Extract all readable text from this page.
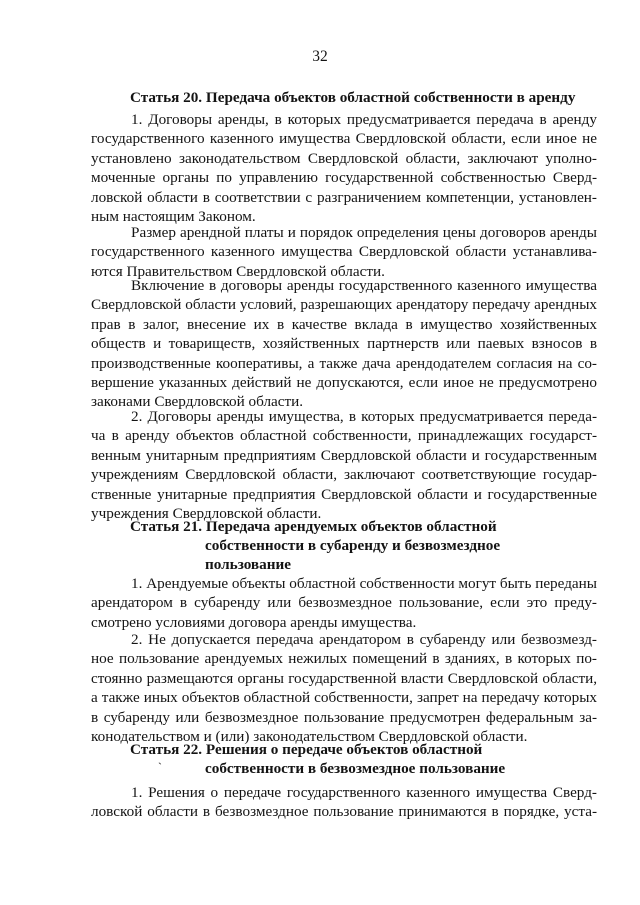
32
Статья 20. Передача объектов областной собственности в аренду
1. Договоры аренды, в которых предусматривается передача в аренду
государственного казенного имущества Свердловской области, если иное не
установлено законодательством Свердловской области, заключают уполно-
моченные органы по управлению государственной собственностью Сверд-
ловской области в соответствии с разграничением компетенции, установлен-
ным настоящим Законом.
Размер арендной платы и порядок определения цены договоров аренды
государственного казенного имущества Свердловской области устанавлива-
ются Правительством Свердловской области.
Включение в договоры аренды государственного казенного имущества
Свердловской области условий, разрешающих арендатору передачу арендных
прав в залог, внесение их в качестве вклада в имущество хозяйственных
обществ и товариществ, хозяйственных партнерств или паевых взносов в
производственные кооперативы, а также дача арендодателем согласия на со-
вершение указанных действий не допускаются, если иное не предусмотрено
законами Свердловской области.
2. Договоры аренды имущества, в которых предусматривается переда-
ча в аренду объектов областной собственности, принадлежащих государст-
венным унитарным предприятиям Свердловской области и государственным
учреждениям Свердловской области, заключают соответствующие государ-
ственные унитарные предприятия Свердловской области и государственные
учреждения Свердловской области.
Статья 21. Передача арендуемых объектов областной
собственности в субаренду и безвозмездное
пользование
1. Арендуемые объекты областной собственности могут быть переданы
арендатором в субаренду или безвозмездное пользование, если это преду-
смотрено условиями договора аренды имущества.
2. Не допускается передача арендатором в субаренду или безвозмезд-
ное пользование арендуемых нежилых помещений в зданиях, в которых по-
стоянно размещаются органы государственной власти Свердловской области,
а также иных объектов областной собственности, запрет на передачу которых
в субаренду или безвозмездное пользование предусмотрен федеральным за-
конодательством и (или) законодательством Свердловской области.
Статья 22. Решения о передаче объектов областной
собственности в безвозмездное пользование
`
1. Решения о передаче государственного казенного имущества Сверд-
ловской области в безвозмездное пользование принимаются в порядке, уста-
